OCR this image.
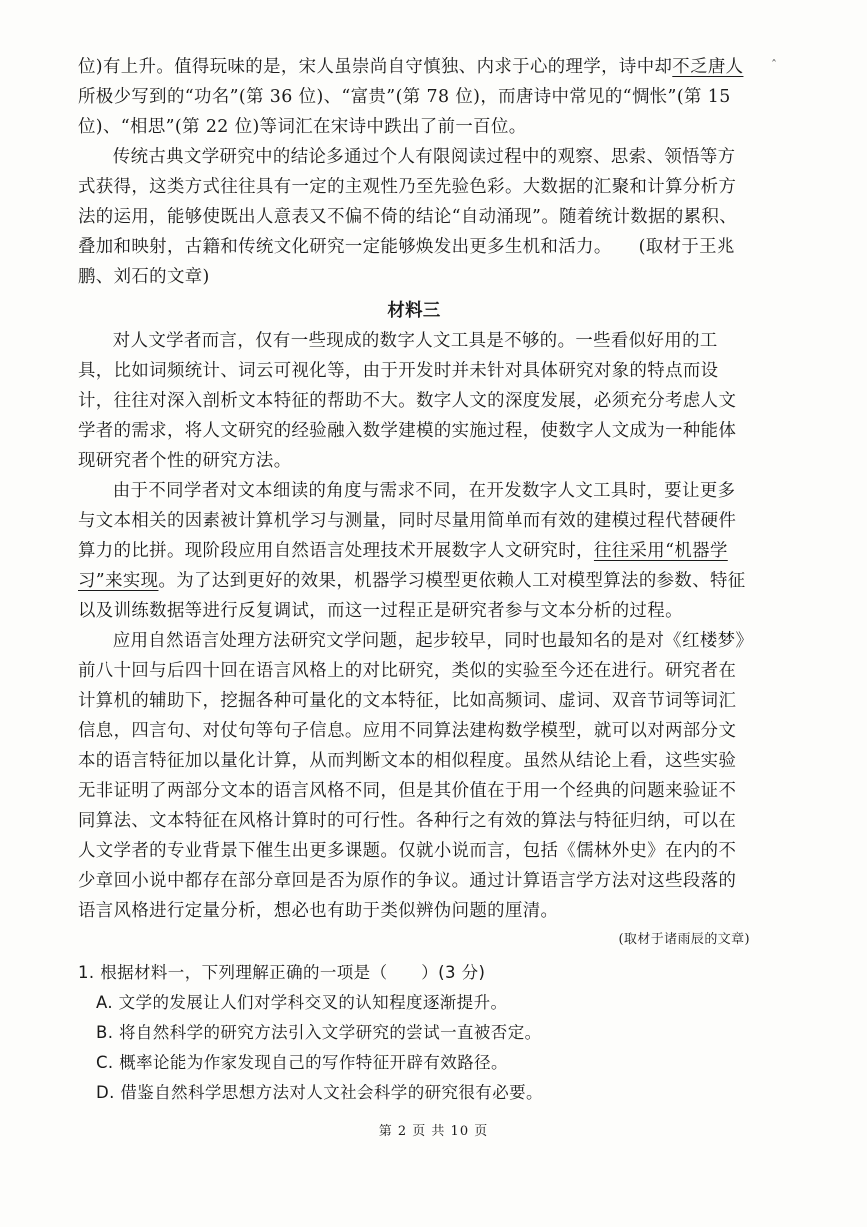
ˆ

位)有上升。值得玩味的是，宋人虽崇尚自守慎独、内求于心的理学，诗中却不乏唐人所极少写到的“功名”(第 36 位)、“富贵”(第 78 位)，而唐诗中常见的“惆怅”(第 15 位)、“相思”(第 22 位)等词汇在宋诗中跌出了前一百位。

传统古典文学研究中的结论多通过个人有限阅读过程中的观察、思索、领悟等方式获得，这类方式往往具有一定的主观性乃至先验色彩。大数据的汇聚和计算分析方法的运用，能够使既出人意表又不偏不倚的结论“自动涌现”。随着统计数据的累积、叠加和映射，古籍和传统文化研究一定能够焕发出更多生机和活力。　　 (取材于王兆鹏、刘石的文章)

材料三

对人文学者而言，仅有一些现成的数字人文工具是不够的。一些看似好用的工具，比如词频统计、词云可视化等，由于开发时并未针对具体研究对象的特点而设计，往往对深入剖析文本特征的帮助不大。数字人文的深度发展，必须充分考虑人文学者的需求，将人文研究的经验融入数学建模的实施过程，使数字人文成为一种能体现研究者个性的研究方法。

由于不同学者对文本细读的角度与需求不同，在开发数字人文工具时，要让更多与文本相关的因素被计算机学习与测量，同时尽量用简单而有效的建模过程代替硬件算力的比拼。现阶段应用自然语言处理技术开展数字人文研究时，往往采用“机器学习”来实现。为了达到更好的效果，机器学习模型更依赖人工对模型算法的参数、特征以及训练数据等进行反复调试，而这一过程正是研究者参与文本分析的过程。

应用自然语言处理方法研究文学问题，起步较早，同时也最知名的是对《红楼梦》前八十回与后四十回在语言风格上的对比研究，类似的实验至今还在进行。研究者在计算机的辅助下，挖掘各种可量化的文本特征，比如高频词、虚词、双音节词等词汇信息，四言句、对仗句等句子信息。应用不同算法建构数学模型，就可以对两部分文本的语言特征加以量化计算，从而判断文本的相似程度。虽然从结论上看，这些实验无非证明了两部分文本的语言风格不同，但是其价值在于用一个经典的问题来验证不同算法、文本特征在风格计算时的可行性。各种行之有效的算法与特征归纳，可以在人文学者的专业背景下催生出更多课题。仅就小说而言，包括《儒林外史》在内的不少章回小说中都存在部分章回是否为原作的争议。通过计算语言学方法对这些段落的语言风格进行定量分析，想必也有助于类似辨伪问题的厘清。

(取材于诸雨辰的文章)

1. 根据材料一，下列理解正确的一项是（　　）(3 分)

A. 文学的发展让人们对学科交叉的认知程度逐渐提升。

B. 将自然科学的研究方法引入文学研究的尝试一直被否定。

C. 概率论能为作家发现自己的写作特征开辟有效路径。

D. 借鉴自然科学思想方法对人文社会科学的研究很有必要。

第 2 页 共 10 页
